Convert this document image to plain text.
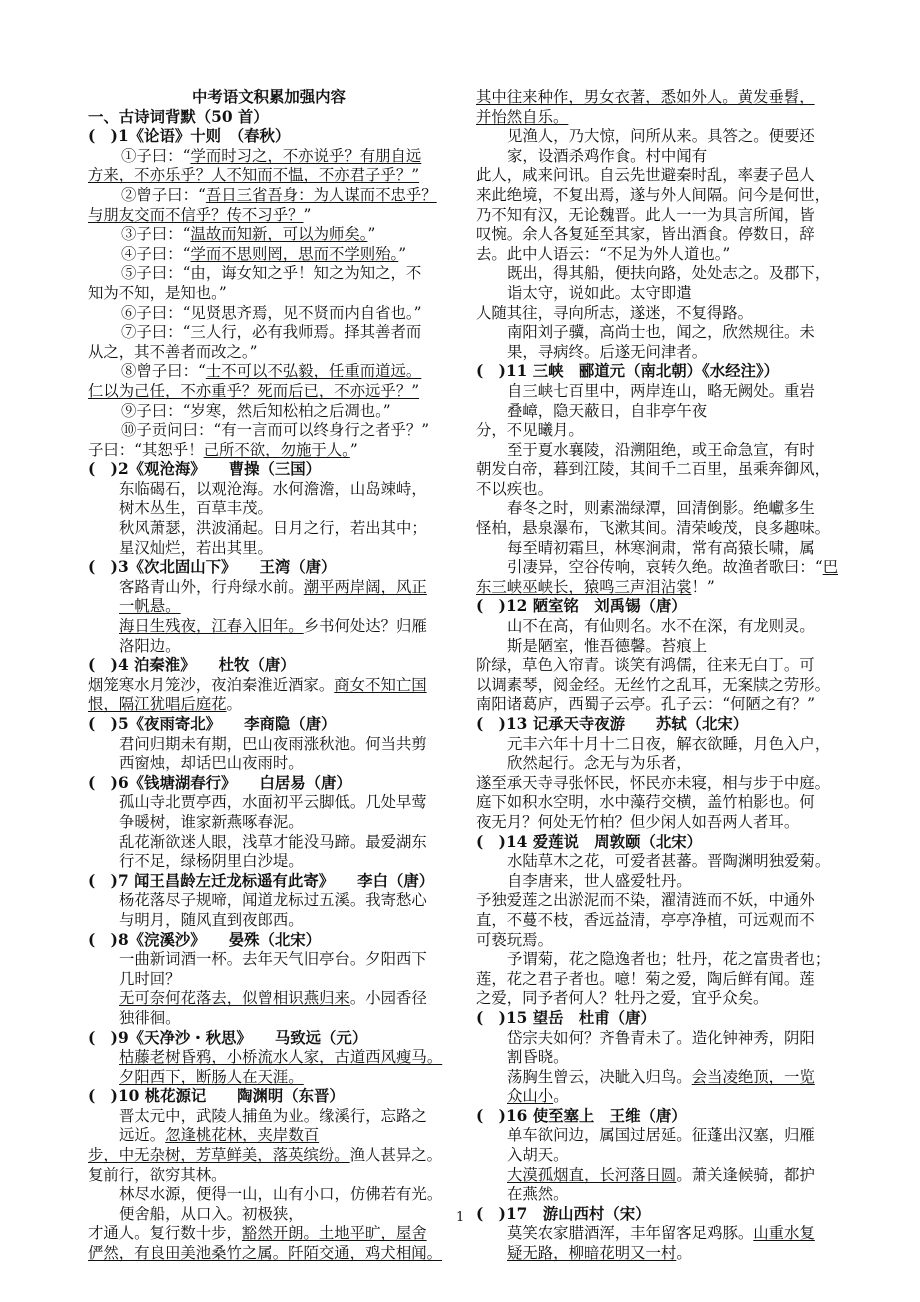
中考语文积累加强内容
一、古诗词背默（50 首）
(　)1《论语》十则　（春秋）
①子曰：“学而时习之，不亦说乎？有朋自远
方来，不亦乐乎？人不知而不愠，不亦君子乎？”
②曾子曰：“吾日三省吾身：为人谋而不忠乎？
与朋友交而不信乎？传不习乎？”
③子曰：“温故而知新，可以为师矣。”
④子曰：“学而不思则罔，思而不学则殆。”
⑤子曰：“由，诲女知之乎！知之为知之，不
知为不知，是知也。”
⑥子曰：“见贤思齐焉，见不贤而内自省也。”
⑦子曰：“三人行，必有我师焉。择其善者而
从之，其不善者而改之。”
⑧曾子曰：“士不可以不弘毅，任重而道远。
仁以为己任，不亦重乎？死而后已，不亦远乎？”
⑨子曰：“岁寒，然后知松柏之后凋也。”
⑩子贡问曰：“有一言而可以终身行之者乎？”
子曰：“其恕乎！己所不欲，勿施于人。”
(　)2《观沧海》　　曹操（三国）
东临碣石，以观沧海。水何澹澹，山岛竦峙，
树木丛生，百草丰茂。
秋风萧瑟，洪波涌起。日月之行，若出其中；
星汉灿烂，若出其里。
(　)3《次北固山下》　　王湾（唐）
客路青山外，行舟绿水前。潮平两岸阔，风正
一帆悬。
海日生残夜，江春入旧年。乡书何处达？归雁
洛阳边。
(　)4 泊秦淮》　　杜牧（唐）
烟笼寒水月笼沙，夜泊秦淮近酒家。商女不知亡国
恨，隔江犹唱后庭花。
(　)5《夜雨寄北》　　李商隐（唐）
君问归期未有期，巴山夜雨涨秋池。何当共剪
西窗烛，却话巴山夜雨时。
(　)6《钱塘湖春行》　　白居易（唐）
孤山寺北贾亭西，水面初平云脚低。几处早莺
争暖树，谁家新燕啄春泥。
乱花渐欲迷人眼，浅草才能没马蹄。最爱湖东
行不足，绿杨阴里白沙堤。
(　)7 闻王昌龄左迁龙标遥有此寄》　　李白（唐）
杨花落尽子规啼，闻道龙标过五溪。我寄愁心
与明月，随风直到夜郎西。
(　)8《浣溪沙》　　晏殊（北宋）
一曲新词酒一杯。去年天气旧亭台。夕阳西下
几时回？
无可奈何花落去，似曾相识燕归来。小园香径
独徘徊。
(　)9《天净沙・秋思》　　马致远（元）
枯藤老树昏鸦，小桥流水人家，古道西风瘦马。
夕阳西下，断肠人在天涯。
(　)10 桃花源记　　陶渊明（东晋）
晋太元中，武陵人捕鱼为业。缘溪行，忘路之
远近。忽逢桃花林，夹岸数百
步，中无杂树，芳草鲜美，落英缤纷。渔人甚异之。
复前行，欲穷其林。
林尽水源，便得一山，山有小口，仿佛若有光。
便舍船，从口入。初极狭，
才通人。复行数十步，豁然开朗。土地平旷，屋舍
俨然，有良田美池桑竹之属。阡陌交通，鸡犬相闻。
其中往来种作，男女衣著，悉如外人。黄发垂髫，
并怡然自乐。
见渔人，乃大惊，问所从来。具答之。便要还
家，设酒杀鸡作食。村中闻有
此人，咸来问讯。自云先世避秦时乱，率妻子邑人
来此绝境，不复出焉，遂与外人间隔。问今是何世，
乃不知有汉，无论魏晋。此人一一为具言所闻，皆
叹惋。余人各复延至其家，皆出酒食。停数日，辞
去。此中人语云：“不足为外人道也。”
既出，得其船，便扶向路，处处志之。及郡下，
诣太守，说如此。太守即遣
人随其往，寻向所志，遂迷，不复得路。
南阳刘子骥，高尚士也，闻之，欣然规往。未
果，寻病终。后遂无问津者。
(　)11 三峡　郦道元（南北朝）《水经注》）
自三峡七百里中，两岸连山，略无阙处。重岩
叠嶂，隐天蔽日，自非亭午夜
分，不见曦月。
至于夏水襄陵，沿溯阻绝，或王命急宣，有时
朝发白帝，暮到江陵，其间千二百里，虽乘奔御风，
不以疾也。
春冬之时，则素湍绿潭，回清倒影。绝巘多生
怪柏，悬泉瀑布，飞漱其间。清荣峻茂，良多趣味。
每至晴初霜旦，林寒涧肃，常有高猿长啸，属
引凄异，空谷传响，哀转久绝。故渔者歌曰：“巴
东三峡巫峡长，猿鸣三声泪沾裳！”
(　)12 陋室铭　刘禹锡（唐）
山不在高，有仙则名。水不在深，有龙则灵。
斯是陋室，惟吾德馨。苔痕上
阶绿，草色入帘青。谈笑有鸿儒，往来无白丁。可
以调素琴，阅金经。无丝竹之乱耳，无案牍之劳形。
南阳诸葛庐，西蜀子云亭。孔子云：“何陋之有？”
(　)13 记承天寺夜游　　苏轼（北宋）
元丰六年十月十二日夜，解衣欲睡，月色入户，
欣然起行。念无与为乐者，
遂至承天寺寻张怀民，怀民亦未寝，相与步于中庭。
庭下如积水空明，水中藻荇交横，盖竹柏影也。何
夜无月？何处无竹柏？但少闲人如吾两人者耳。
(　)14 爱莲说　周敦颐（北宋）
水陆草木之花，可爱者甚蕃。晋陶渊明独爱菊。
自李唐来，世人盛爱牡丹。
予独爱莲之出淤泥而不染，濯清涟而不妖，中通外
直，不蔓不枝，香远益清，亭亭净植，可远观而不
可亵玩焉。
予谓菊，花之隐逸者也；牡丹，花之富贵者也；
莲，花之君子者也。噫！菊之爱，陶后鲜有闻。莲
之爱，同予者何人？牡丹之爱，宜乎众矣。
(　)15 望岳　杜甫（唐）
岱宗夫如何？齐鲁青未了。造化钟神秀，阴阳
割昏晓。
荡胸生曾云，决眦入归鸟。会当凌绝顶，一览
众山小。
(　)16 使至塞上　王维（唐）
单车欲问边，属国过居延。征蓬出汉塞，归雁
入胡天。
大漠孤烟直，长河落日圆。萧关逢候骑，都护
在燕然。
(　)17　游山西村（宋）
莫笑农家腊酒浑，丰年留客足鸡豚。山重水复
疑无路，柳暗花明又一村。
1
